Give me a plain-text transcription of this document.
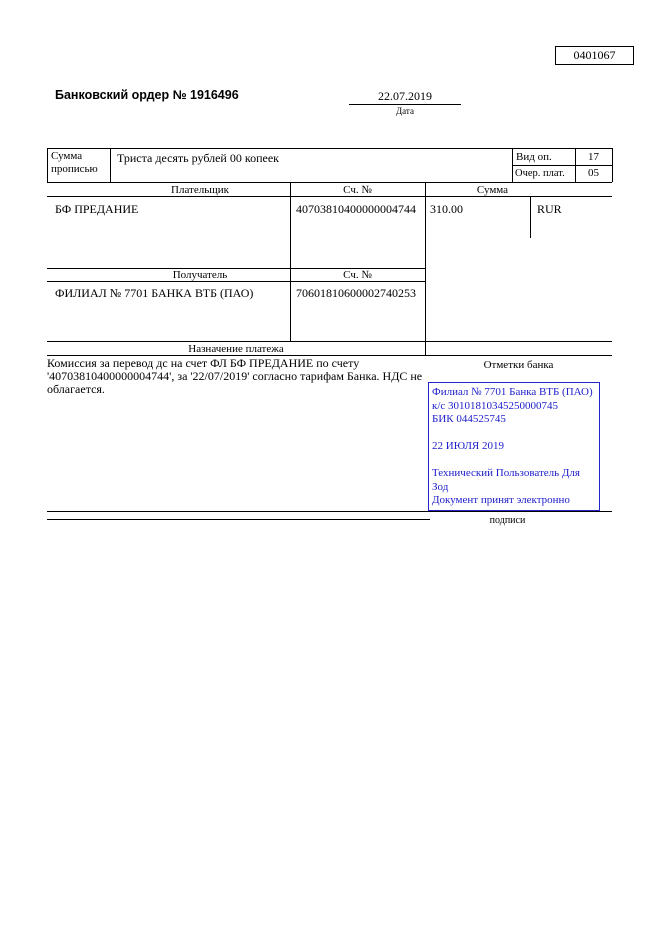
0401067
Банковский ордер № 1916496	22.07.2019
Дата
Сумма прописью
Триста десять рублей 00 копеек	Вид оп.	17
Очер. плат.	05
Плательщик	Сч. №	Сумма
БФ ПРЕДАНИЕ	40703810400000004744 310.00	RUR
Получатель	Сч. №
ФИЛИАЛ № 7701 БАНКА ВТБ (ПАО)	70601810600002740253
Назначение платежа
Комиссия за перевод дс на счет ФЛ БФ ПРЕДАНИЕ по счету '40703810400000004744', за '22/07/2019' согласно тарифам Банка. НДС не облагается.
Отметки банка
Филиал № 7701 Банка ВТБ (ПАО)
к/с 30101810345250000745
БИК 044525745
22 ИЮЛЯ 2019
Технический Пользователь Для Зод
Документ принят электронно
подписи
